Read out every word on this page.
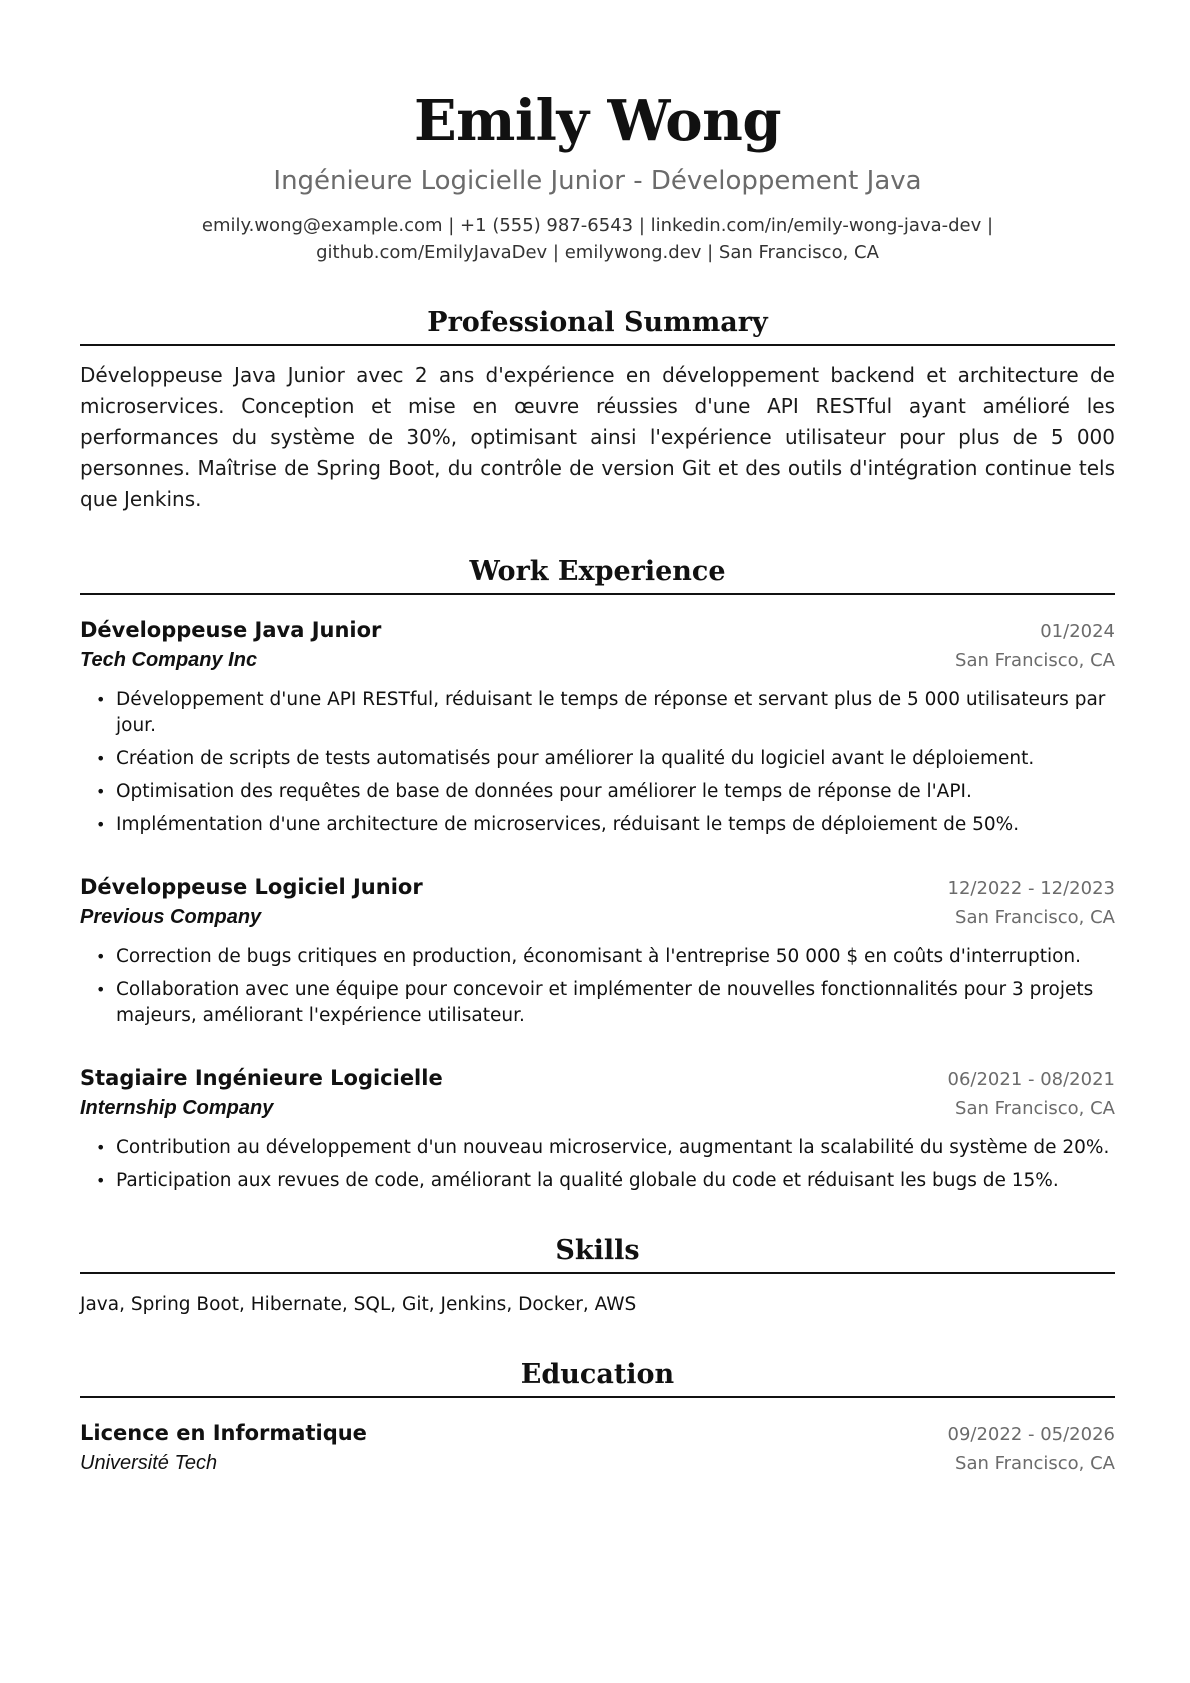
Emily Wong
Ingénieure Logicielle Junior - Développement Java
emily.wong@example.com | +1 (555) 987-6543 | linkedin.com/in/emily-wong-java-dev |
github.com/EmilyJavaDev | emilywong.dev | San Francisco, CA
Professional Summary
Développeuse Java Junior avec 2 ans d'expérience en développement backend et architecture de microservices. Conception et mise en œuvre réussies d'une API RESTful ayant amélioré les performances du système de 30%, optimisant ainsi l'expérience utilisateur pour plus de 5 000 personnes. Maîtrise de Spring Boot, du contrôle de version Git et des outils d'intégration continue tels que Jenkins.
Work Experience
Développeuse Java Junior	01/2024
Tech Company Inc	San Francisco, CA
• Développement d'une API RESTful, réduisant le temps de réponse et servant plus de 5 000 utilisateurs par jour.
• Création de scripts de tests automatisés pour améliorer la qualité du logiciel avant le déploiement.
• Optimisation des requêtes de base de données pour améliorer le temps de réponse de l'API.
• Implémentation d'une architecture de microservices, réduisant le temps de déploiement de 50%.
Développeuse Logiciel Junior	12/2022 - 12/2023
Previous Company	San Francisco, CA
• Correction de bugs critiques en production, économisant à l'entreprise 50 000 $ en coûts d'interruption.
• Collaboration avec une équipe pour concevoir et implémenter de nouvelles fonctionnalités pour 3 projets majeurs, améliorant l'expérience utilisateur.
Stagiaire Ingénieure Logicielle	06/2021 - 08/2021
Internship Company	San Francisco, CA
• Contribution au développement d'un nouveau microservice, augmentant la scalabilité du système de 20%.
• Participation aux revues de code, améliorant la qualité globale du code et réduisant les bugs de 15%.
Skills
Java, Spring Boot, Hibernate, SQL, Git, Jenkins, Docker, AWS
Education
Licence en Informatique	09/2022 - 05/2026
Université Tech	San Francisco, CA
